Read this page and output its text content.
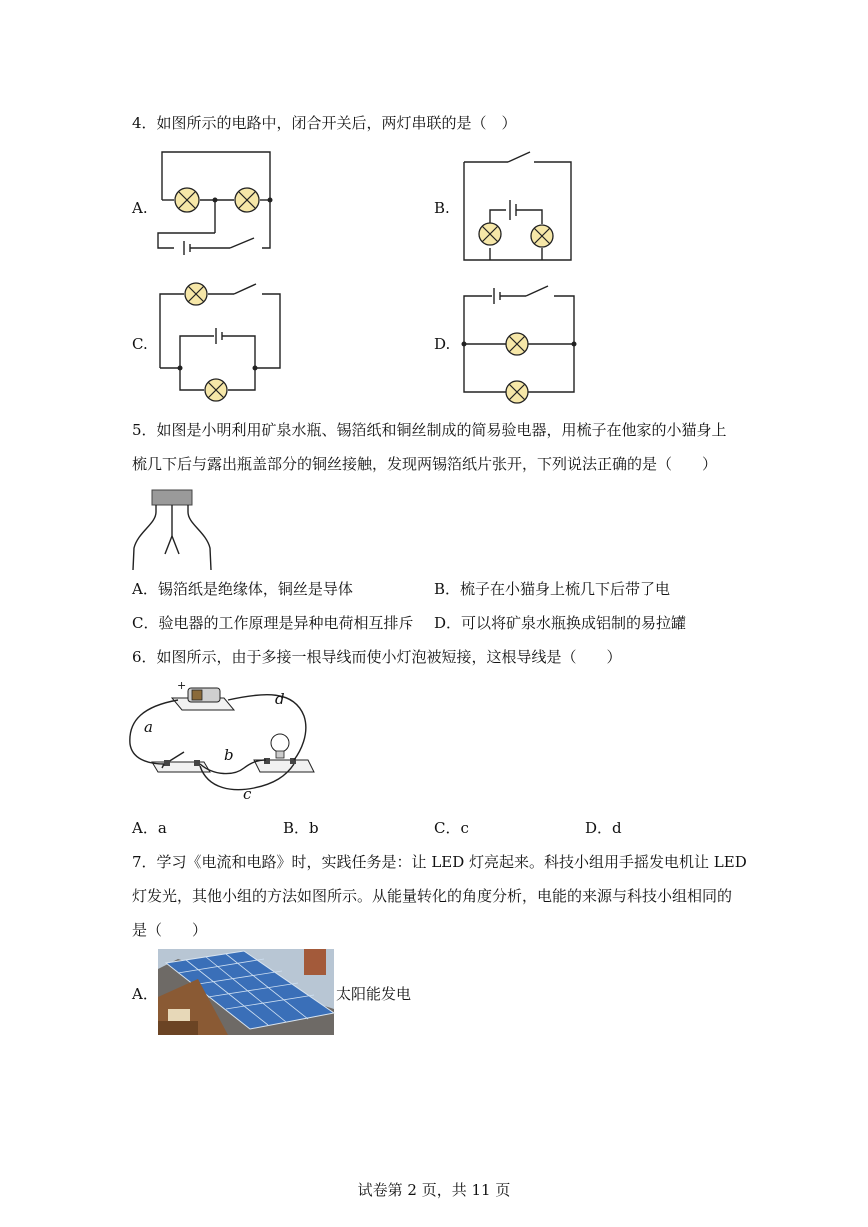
4．如图所示的电路中，闭合开关后，两灯串联的是（　）
A.	B.
C.	D.
5．如图是小明利用矿泉水瓶、锡箔纸和铜丝制成的简易验电器，用梳子在他家的小猫身上
梳几下后与露出瓶盖部分的铜丝接触，发现两锡箔纸片张开，下列说法正确的是（　　）
A．锡箔纸是绝缘体，铜丝是导体	B．梳子在小猫身上梳几下后带了电
C．验电器的工作原理是异种电荷相互排斥 D．可以将矿泉水瓶换成铝制的易拉罐
6．如图所示，由于多接一根导线而使小灯泡被短接，这根导线是（　　）
+
a
b
c
d
A．a	B．b	C．c	D．d
7．学习《电流和电路》时，实践任务是：让 LED 灯亮起来。科技小组用手摇发电机让 LED
灯发光，其他小组的方法如图所示。从能量转化的角度分析，电能的来源与科技小组相同的
是（　　）
A．	太阳能发电
试卷第 2 页，共 11 页
